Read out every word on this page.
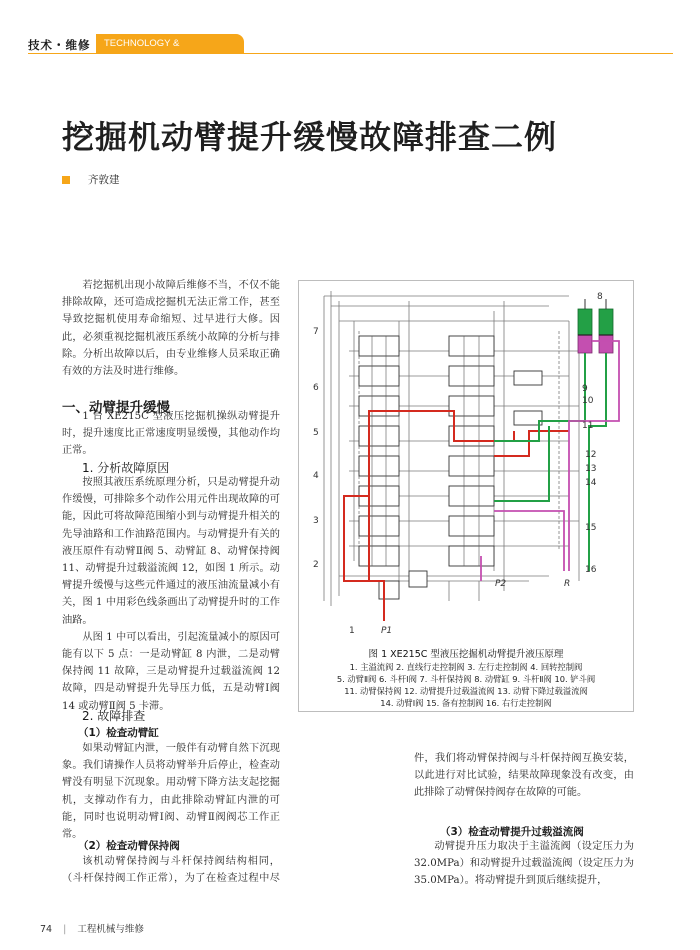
技术・维修	TECHNOLOGY & MAINTENANCE
挖掘机动臂提升缓慢故障排查二例
齐敦建

若挖掘机出现小故障后维修不当，不仅不能排除故障，还可造成挖掘机无法正常工作，甚至导致挖掘机使用寿命缩短、过早进行大修。因此，必须重视挖掘机液压系统小故障的分析与排除。分析出故障以后，由专业维修人员采取正确有效的方法及时进行维修。

一、动臂提升缓慢

1 台 XE215C 型液压挖掘机操纵动臂提升时，提升速度比正常速度明显缓慢，其他动作均正常。

1. 分析故障原因

按照其液压系统原理分析，只是动臂提升动作缓慢，可排除多个动作公用元件出现故障的可能，因此可将故障范围缩小到与动臂提升相关的先导油路和工作油路范围内。与动臂提升有关的液压原件有动臂Ⅱ阀 5、动臂缸 8、动臂保持阀 11、动臂提升过载溢流阀 12，如图 1 所示。动臂提升缓慢与这些元件通过的液压油流量减小有关，图 1 中用彩色线条画出了动臂提升时的工作油路。

从图 1 中可以看出，引起流量减小的原因可能有以下 5 点：一是动臂缸 8 内泄，二是动臂保持阀 11 故障，三是动臂提升过载溢流阀 12 故障，四是动臂提升先导压力低，五是动臂Ⅰ阀 14 或动臂Ⅱ阀 5 卡滞。

2. 故障排查
（1）检查动臂缸

如果动臂缸内泄，一般伴有动臂自然下沉现象。我们请操作人员将动臂举升后停止，检查动臂没有明显下沉现象。用动臂下降方法支起挖掘机，支撑动作有力，由此排除动臂缸内泄的可能，同时也说明动臂Ⅰ阀、动臂Ⅱ阀阀芯工作正常。

（2）检查动臂保持阀

该机动臂保持阀与斗杆保持阀结构相同，（斗杆保持阀工作正常），为了在检查过程中尽

件，我们将动臂保持阀与斗杆保持阀互换安装，以此进行对比试验，结果故障现象没有改变，由此排除了动臂保持阀存在故障的可能。

（3）检查动臂提升过载溢流阀

动臂提升压力取决于主溢流阀（设定压力为 32.0MPa）和动臂提升过载溢流阀（设定压力为 35.0MPa）。将动臂提升到顶后继续提升，

7
6
5
4
3
2
1
8
9
10
11
12
13
14
15
16
P2	R
P1
图 1 XE215C 型液压挖掘机动臂提升液压原理
1. 主溢流阀 2. 直线行走控制阀 3. 左行走控制阀 4. 回转控制阀
5. 动臂Ⅱ阀 6. 斗杆Ⅰ阀 7. 斗杆保持阀 8. 动臂缸 9. 斗杆Ⅱ阀 10. 铲斗阀
11. 动臂保持阀 12. 动臂提升过载溢流阀 13. 动臂下降过载溢流阀
14. 动臂Ⅰ阀 15. 备有控制阀 16. 右行走控制阀
74 | 工程机械与维修
